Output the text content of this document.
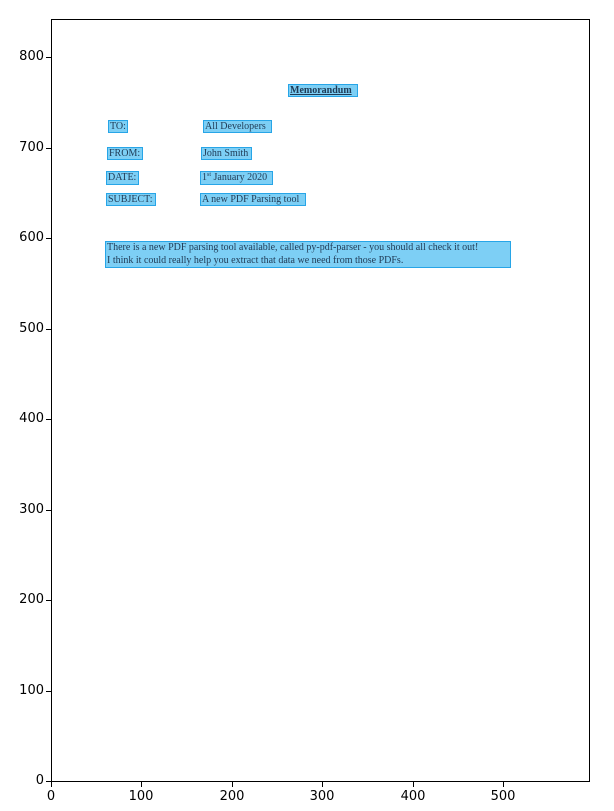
Memorandum
TO:	All Developers
FROM:	John Smith
DATE:	1st January 2020
SUBJECT:	A new PDF Parsing tool
There is a new PDF parsing tool available, called py-pdf-parser - you should all check it out!
I think it could really help you extract that data we need from those PDFs.
800
700
600
500
400
300
200
100
0
0	100	200	300	400	500
